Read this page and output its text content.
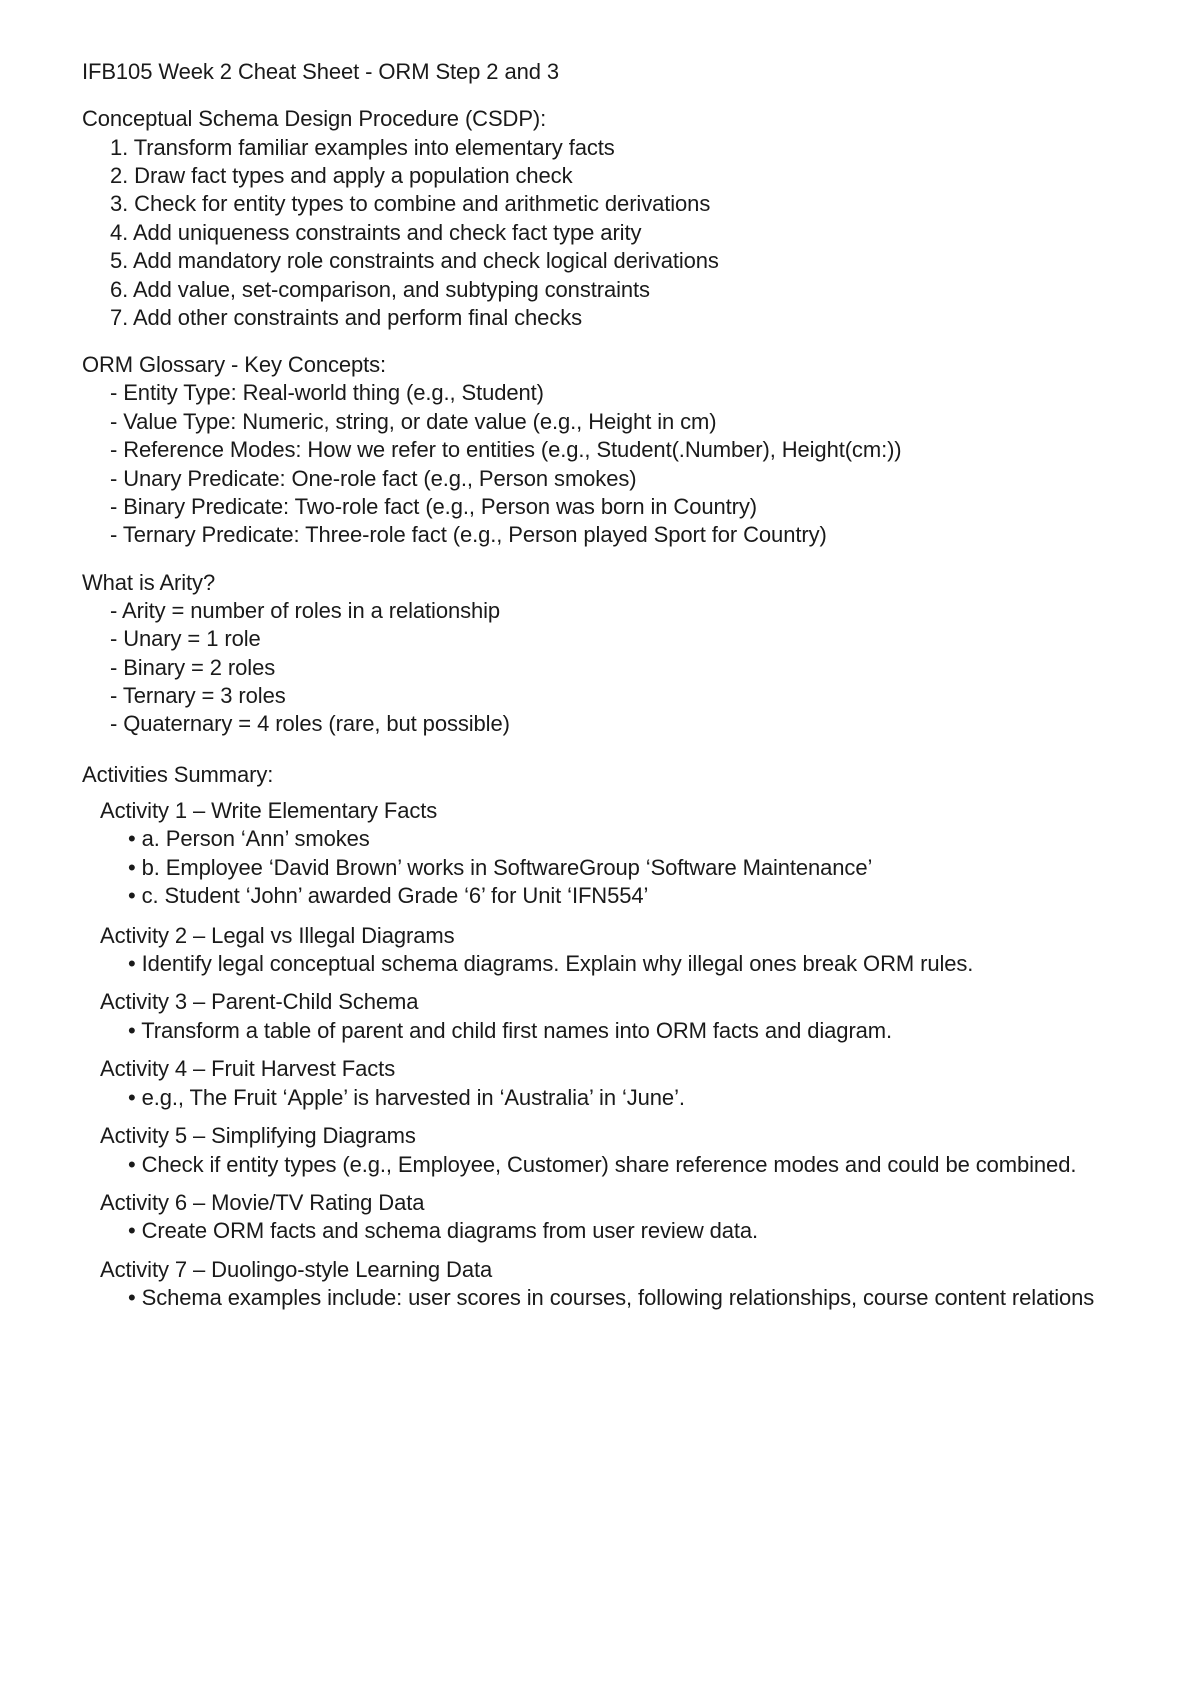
IFB105 Week 2 Cheat Sheet - ORM Step 2 and 3
Conceptual Schema Design Procedure (CSDP):
1. Transform familiar examples into elementary facts
2. Draw fact types and apply a population check
3. Check for entity types to combine and arithmetic derivations
4. Add uniqueness constraints and check fact type arity
5. Add mandatory role constraints and check logical derivations
6. Add value, set-comparison, and subtyping constraints
7. Add other constraints and perform final checks
ORM Glossary - Key Concepts:
- Entity Type: Real-world thing (e.g., Student)
- Value Type: Numeric, string, or date value (e.g., Height in cm)
- Reference Modes: How we refer to entities (e.g., Student(.Number), Height(cm:))
- Unary Predicate: One-role fact (e.g., Person smokes)
- Binary Predicate: Two-role fact (e.g., Person was born in Country)
- Ternary Predicate: Three-role fact (e.g., Person played Sport for Country)
What is Arity?
- Arity = number of roles in a relationship
- Unary = 1 role
- Binary = 2 roles
- Ternary = 3 roles
- Quaternary = 4 roles (rare, but possible)
Activities Summary:
Activity 1 – Write Elementary Facts
• a. Person ‘Ann’ smokes
• b. Employee ‘David Brown’ works in SoftwareGroup ‘Software Maintenance’
• c. Student ‘John’ awarded Grade ‘6’ for Unit ‘IFN554’
Activity 2 – Legal vs Illegal Diagrams
• Identify legal conceptual schema diagrams. Explain why illegal ones break ORM rules.
Activity 3 – Parent-Child Schema
• Transform a table of parent and child first names into ORM facts and diagram.
Activity 4 – Fruit Harvest Facts
• e.g., The Fruit ‘Apple’ is harvested in ‘Australia’ in ‘June’.
Activity 5 – Simplifying Diagrams
• Check if entity types (e.g., Employee, Customer) share reference modes and could be combined.
Activity 6 – Movie/TV Rating Data
• Create ORM facts and schema diagrams from user review data.
Activity 7 – Duolingo-style Learning Data
• Schema examples include: user scores in courses, following relationships, course content relations
